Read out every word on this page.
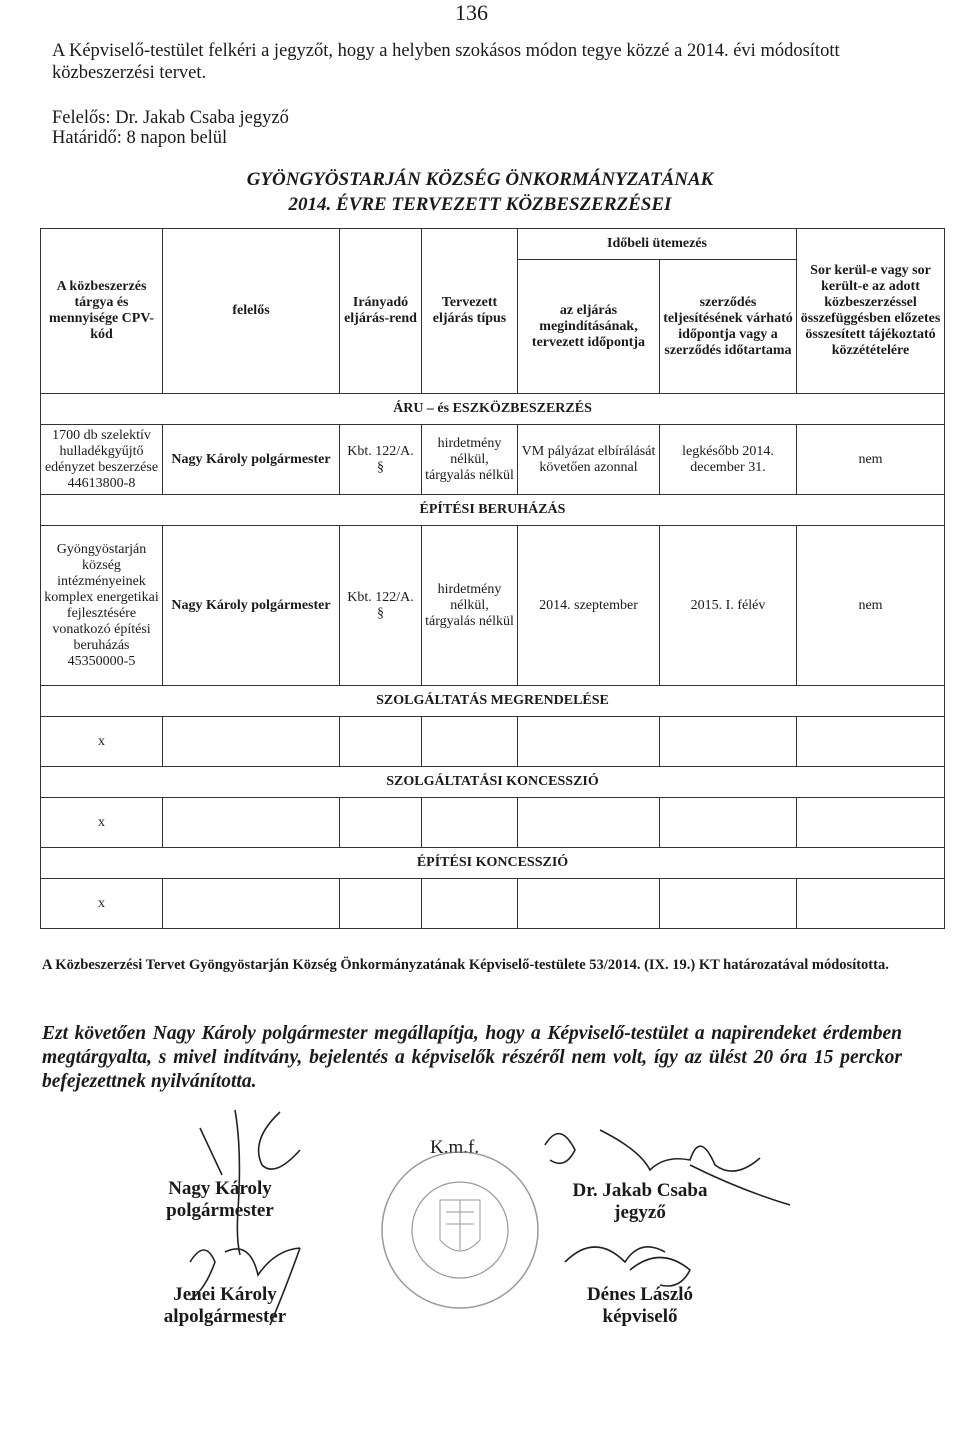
136
A Képviselő-testület felkéri a jegyzőt, hogy a helyben szokásos módon tegye közzé a 2014. évi módosított közbeszerzési tervet.
Felelős: Dr. Jakab Csaba jegyző
Határidő: 8 napon belül
GYÖNGYÖSTARJÁN KÖZSÉG ÖNKORMÁNYZATÁNAK
2014. ÉVRE TERVEZETT KÖZBESZERZÉSEI
A közbeszerzés tárgya és mennyisége CPV-kód	felelős	Irányadó eljárás-rend	Tervezett eljárás típus	Időbeli ütemezés		Sor kerül-e vagy sor került-e az adott közbeszerzéssel összefüggésben előzetes összesített tájékoztató közzétételére
				az eljárás megindításának, tervezett időpontja	szerződés teljesítésének várható időpontja vagy a szerződés időtartama	
ÁRU – és ESZKÖZBESZERZÉS						
1700 db szelektív hulladékgyűjtő edényzet beszerzése 44613800-8	Nagy Károly polgármester	Kbt. 122/A. §	hirdetmény nélkül, tárgyalás nélkül	VM pályázat elbírálását követően azonnal	legkésőbb 2014. december 31.	nem
ÉPÍTÉSI BERUHÁZÁS						
Gyöngyöstarján község intézményeinek komplex energetikai fejlesztésére vonatkozó építési beruházás 45350000-5	Nagy Károly polgármester	Kbt. 122/A. §	hirdetmény nélkül, tárgyalás nélkül	2014. szeptember	2015. I. félév	nem
SZOLGÁLTATÁS MEGRENDELÉSE						
x						
SZOLGÁLTATÁSI KONCESSZIÓ						
x						
ÉPÍTÉSI KONCESSZIÓ						
x						
A Közbeszerzési Tervet Gyöngyöstarján Község Önkormányzatának Képviselő-testülete 53/2014. (IX. 19.) KT határozatával módosította.
Ezt követően Nagy Károly polgármester megállapítja, hogy a Képviselő-testület a napirendeket érdemben megtárgyalta, s mivel indítvány, bejelentés a képviselők részéről nem volt, így az ülést 20 óra 15 perckor befejezettnek nyilvánította.
K.m.f.
Nagy Károly
polgármester
Dr. Jakab Csaba
jegyző
Jenei Károly
alpolgármester
Dénes László
képviselő
